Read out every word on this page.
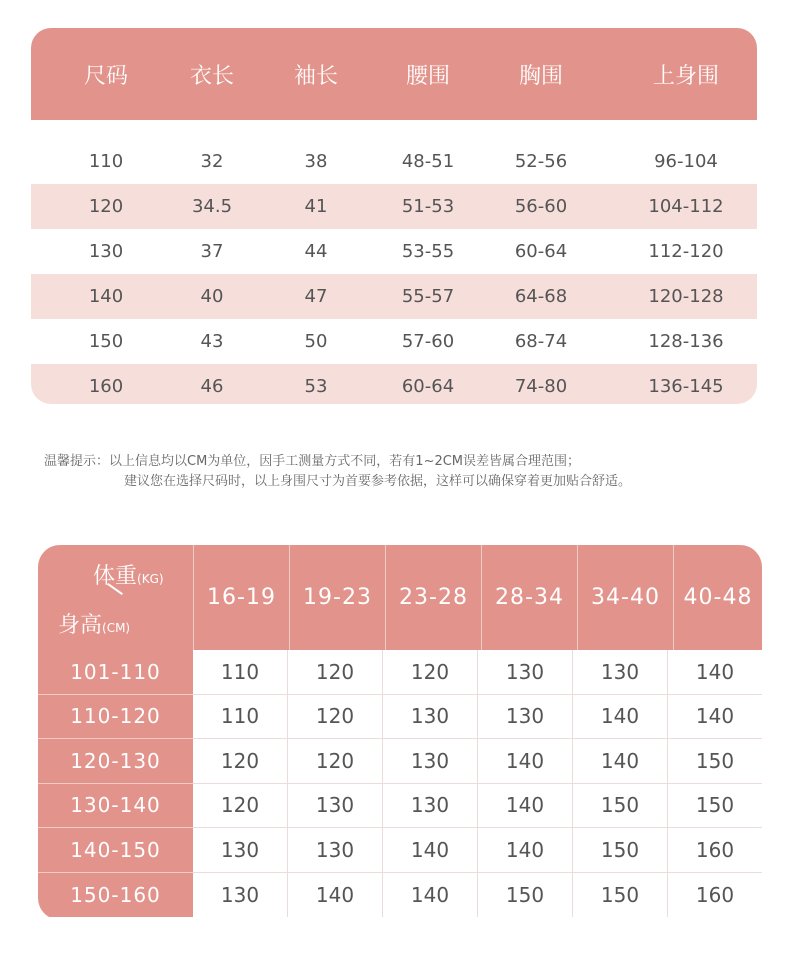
尺码	衣长	袖长	腰围	胸围	上身围
110	32	38	48-51	52-56	96-104
120	34.5	41	51-53	56-60	104-112
130	37	44	53-55	60-64	112-120
140	40	47	55-57	64-68	120-128
150	43	50	57-60	68-74	128-136
160	46	53	60-64	74-80	136-145
温馨提示：以上信息均以CM为单位，因手工测量方式不同，若有1~2CM误差皆属合理范围；
建议您在选择尺码时，以上身围尺寸为首要参考依据，这样可以确保穿着更加贴合舒适。
体重(KG)
身高(CM)
16-19	19-23	23-28	28-34	34-40	40-48
101-110	110	120	120	130	130	140
110-120	110	120	130	130	140	140
120-130	120	120	130	140	140	150
130-140	120	130	130	140	150	150
140-150	130	130	140	140	150	160
150-160	130	140	140	150	150	160
